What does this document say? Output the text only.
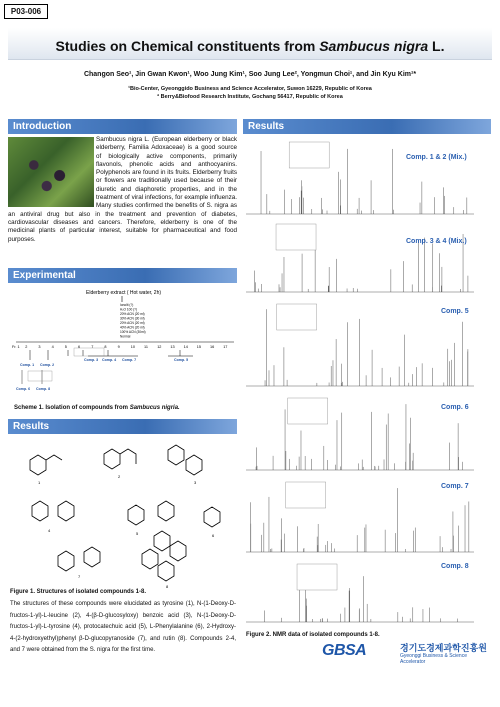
P03-006
Studies on Chemical constituents from Sambucus nigra L.
Changon Seo¹, Jin Gwan Kwon¹, Woo Jung Kim¹, Soo Jung Lee², Yongmun Choi¹, and Jin Kyu Kim¹*
¹Bio-Center, Gyeonggido Business and Science Accelerator, Suwon 16229, Republic of Korea
² Berry&Biofood Research Institute, Gochang 56417, Republic of Korea
Introduction
Sambucus nigra L. (European elderberry or black elderberry, Familia Adoxaceae) is a good source of biologically active components, primarily flavonols, phenolic acids and anthocyanins. Polyphenols are found in its fruits. Elderberry fruits or flowers are traditionally used because of their diuretic and diaphoretic properties, and in the treatment of viral infections, for example influenza. Many studies confirmed the benefits of S. nigra as an antiviral drug but also in the treatment and prevention of diabetes, cardiovascular diseases and cancers. Therefore, elderberry is one of the medicinal plants of particular interest, suitable for pharmaceutical and food purposes.
Experimental
Elderberry extract ( Hot water, 2h)
Ionolit (?)
H₂O 100 (?)
20% ACN (20 ml)
30% ACN (30 ml)
20% ACN (20 ml)
40% ACN (20 ml)
100% ACN (30ml)
Normal
Fr. 1 2	3	4	5	6	7	8	9	10 11 12 13 14 15 16 17
Comp. 1 Comp. 2
Comp. 3 Comp. 4 Comp. 7	Comp. 5
Comp. 6 Comp. 8
Scheme 1. Isolation of compounds from Sambucus nigria.
Results
1
2
3
4
5	6
7
8
Figure 1. Structures of isolated compounds 1-8.
The structures of these compounds were elucidated as tyrosine (1), N-(1-Deoxy-D-fructos-1-yl)-L-leucine (2), 4-(β-D-glucosyloxy) benzoic acid (3), N-(1-Deoxy-D-fructos-1-yl)-L-tyrosine (4), protocatechuic acid (5), L-Phenylalanine (6), 2-Hydroxy-4-(2-hydroxyethyl)phenyl β-D-glucopyranoside (7), and rutin (8). Compounds 2-4, and 7 were obtained from the S. nigra for the first time.
Results
Comp. 1 & 2 (Mix.)
Comp. 3 & 4 (Mix.)
Comp. 5
Comp. 6
Comp. 7
Comp. 8
Figure 2. NMR data of isolated compounds 1-8.
GBSA	경기도경제과학진흥원
Gyeonggi Business & Science Accelerator
